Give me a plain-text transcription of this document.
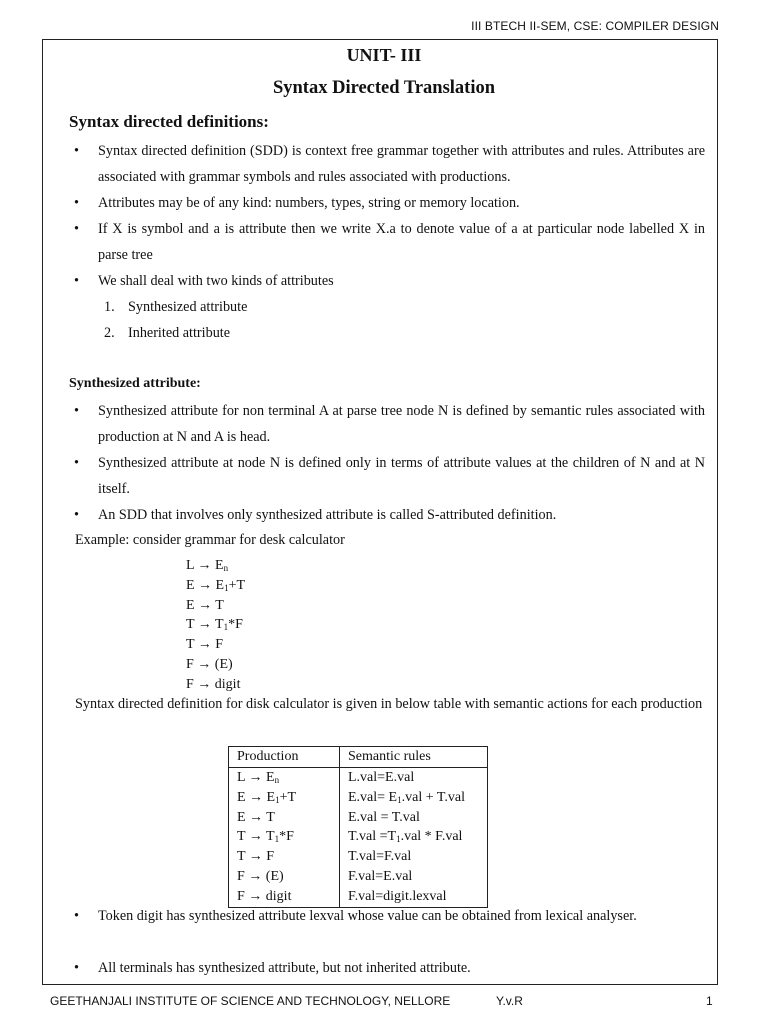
III BTECH II-SEM, CSE: COMPILER DESIGN
UNIT- III
Syntax Directed Translation
Syntax directed definitions:
• Syntax directed definition (SDD) is context free grammar together with attributes and rules. Attributes are associated with grammar symbols and rules associated with productions.
• Attributes may be of any kind: numbers, types, string or memory location.
• If X is symbol and a is attribute then we write X.a to denote value of a at particular node labelled X in parse tree
• We shall deal with two kinds of attributes
1. Synthesized attribute
2. Inherited attribute
Synthesized attribute:
• Synthesized attribute for non terminal A at parse tree node N is defined by semantic rules associated with production at N and A is head.
• Synthesized attribute at node N is defined only in terms of attribute values at the children of N and at N itself.
• An SDD that involves only synthesized attribute is called S-attributed definition.
Example: consider grammar for desk calculator
$L \to E_n$
$E \to E_1+T$
E → T
$T \to T_1*F$
T → F
F → (E)
F → digit
Syntax directed definition for disk calculator is given in below table with semantic actions for each production
Production	Semantic rules
$L \to E_n$	L.val=E.val
$E \to E_1+T$	$E.val= E_1.val + T.val$
E → T	E.val = T.val
$T \to T_1*F$	$T.val =T_1.val * F.val$
T → F	T.val=F.val
F → (E)	F.val=E.val
F → digit	F.val=digit.lexval
• Token digit has synthesized attribute lexval whose value can be obtained from lexical analyser.
• All terminals has synthesized attribute, but not inherited attribute.
GEETHANJALI INSTITUTE OF SCIENCE AND TECHNOLOGY, NELLORE	Y.v.R	1
